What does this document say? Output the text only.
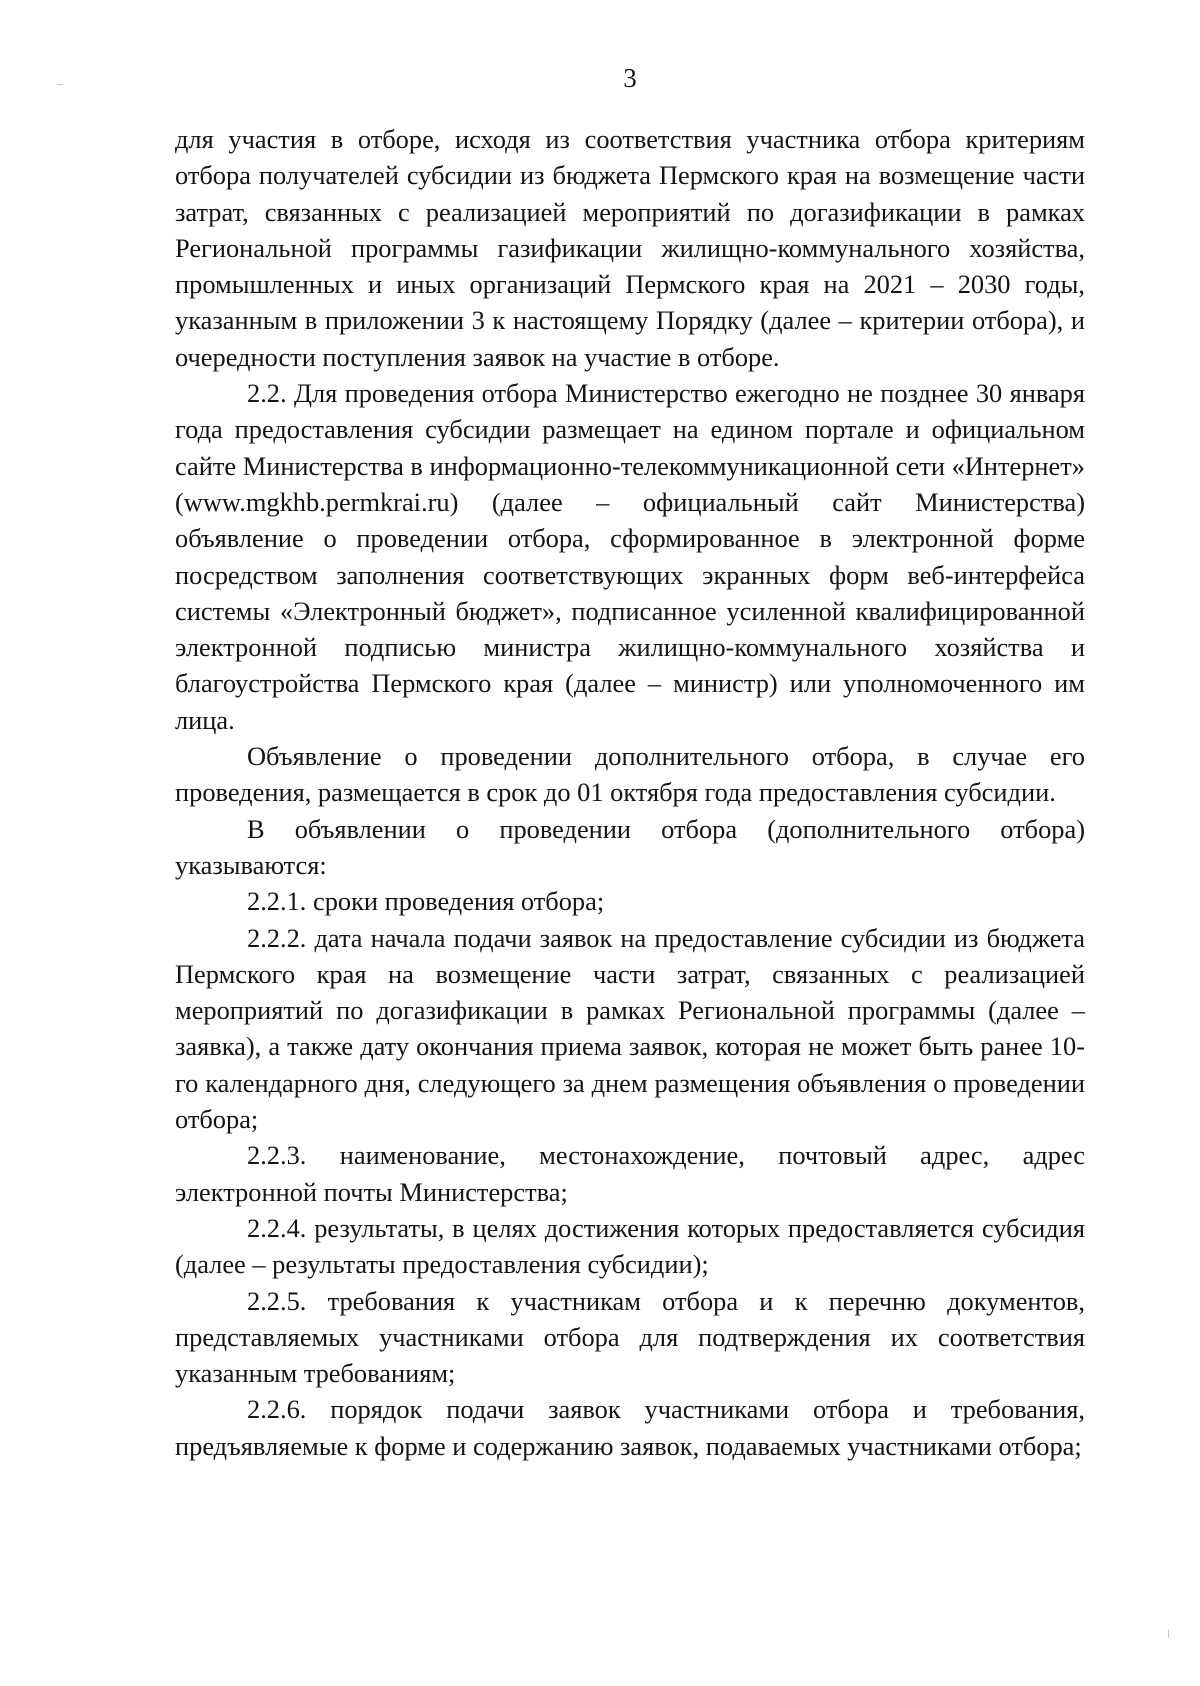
3

для участия в отборе, исходя из соответствия участника отбора критериям отбора получателей субсидии из бюджета Пермского края на возмещение части затрат, связанных с реализацией мероприятий по догазификации в рамках Региональной программы газификации жилищно-коммунального хозяйства, промышленных и иных организаций Пермского края на 2021 – 2030 годы, указанным в приложении 3 к настоящему Порядку (далее – критерии отбора), и очередности поступления заявок на участие в отборе.

2.2. Для проведения отбора Министерство ежегодно не позднее 30 января года предоставления субсидии размещает на едином портале и официальном сайте Министерства в информационно-телекоммуникационной сети «Интернет» (www.mgkhb.permkrai.ru) (далее – официальный сайт Министерства) объявление о проведении отбора, сформированное в электронной форме посредством заполнения соответствующих экранных форм веб-интерфейса системы «Электронный бюджет», подписанное усиленной квалифицированной электронной подписью министра жилищно-коммунального хозяйства и благоустройства Пермского края (далее – министр) или уполномоченного им лица.

Объявление о проведении дополнительного отбора, в случае его проведения, размещается в срок до 01 октября года предоставления субсидии.

В объявлении о проведении отбора (дополнительного отбора) указываются:

2.2.1. сроки проведения отбора;

2.2.2. дата начала подачи заявок на предоставление субсидии из бюджета Пермского края на возмещение части затрат, связанных с реализацией мероприятий по догазификации в рамках Региональной программы (далее – заявка), а также дату окончания приема заявок, которая не может быть ранее 10-го календарного дня, следующего за днем размещения объявления о проведении отбора;

2.2.3. наименование, местонахождение, почтовый адрес, адрес электронной почты Министерства;

2.2.4. результаты, в целях достижения которых предоставляется субсидия (далее – результаты предоставления субсидии);

2.2.5. требования к участникам отбора и к перечню документов, представляемых участниками отбора для подтверждения их соответствия указанным требованиям;

2.2.6. порядок подачи заявок участниками отбора и требования, предъявляемые к форме и содержанию заявок, подаваемых участниками отбора;
